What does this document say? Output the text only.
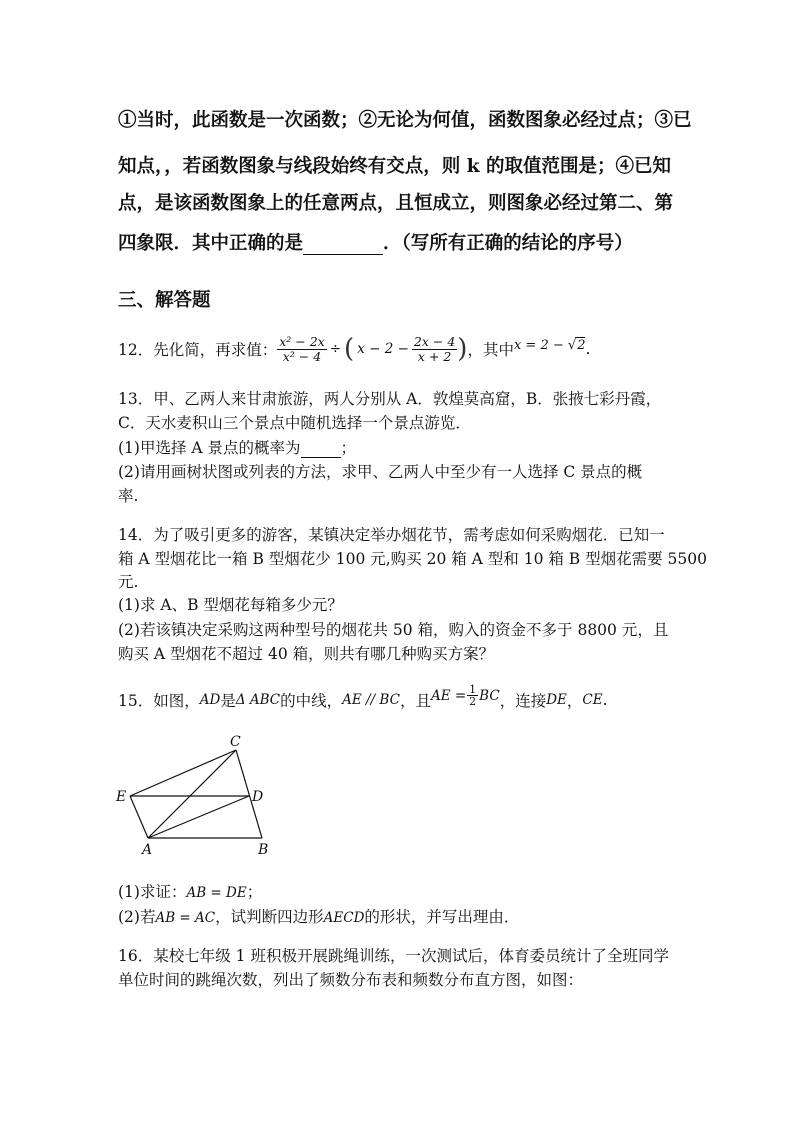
①当时，此函数是一次函数；②无论为何值，函数图象必经过点；③已
知点，，若函数图象与线段始终有交点，则 k 的取值范围是；④已知
点，是该函数图象上的任意两点，且恒成立，则图象必经过第二、第
四象限．其中正确的是	．（写所有正确的结论的序号）
三、解答题
12．先化简，再求值： $\frac{\text{x² − 2x}}{\text{x² − 4}}$ ÷ ( $x - 2 - \frac{2x - 4}{x + 2}$ ) ，其中 x = 2 − √2 .
13．甲、乙两人来甘肃旅游，两人分别从 A．敦煌莫高窟，B．张掖七彩丹霞，
C．天水麦积山三个景点中随机选择一个景点游览．
(1)甲选择 A 景点的概率为	；
(2)请用画树状图或列表的方法，求甲、乙两人中至少有一人选择 C 景点的概
率.
14．为了吸引更多的游客，某镇决定举办烟花节，需考虑如何采购烟花．已知一
箱 A 型烟花比一箱 B 型烟花少 100 元,购买 20 箱 A 型和 10 箱 B 型烟花需要 5500
元.
(1)求 A、B 型烟花每箱多少元？
(2)若该镇决定采购这两种型号的烟花共 50 箱，购入的资金不多于 8800 元，且
购买 A 型烟花不超过 40 箱，则共有哪几种购买方案？
15．如图， AD 是 Δ ABC 的中线， AE // BC ，且 AE = $\frac{1}{2}$ BC ，连接 DE ， CE .
C
E	D
A	B
(1)求证：AB = DE；
(2)若AB = AC，试判断四边形AECD的形状，并写出理由．
16．某校七年级 1 班积极开展跳绳训练，一次测试后，体育委员统计了全班同学
单位时间的跳绳次数，列出了频数分布表和频数分布直方图，如图：
